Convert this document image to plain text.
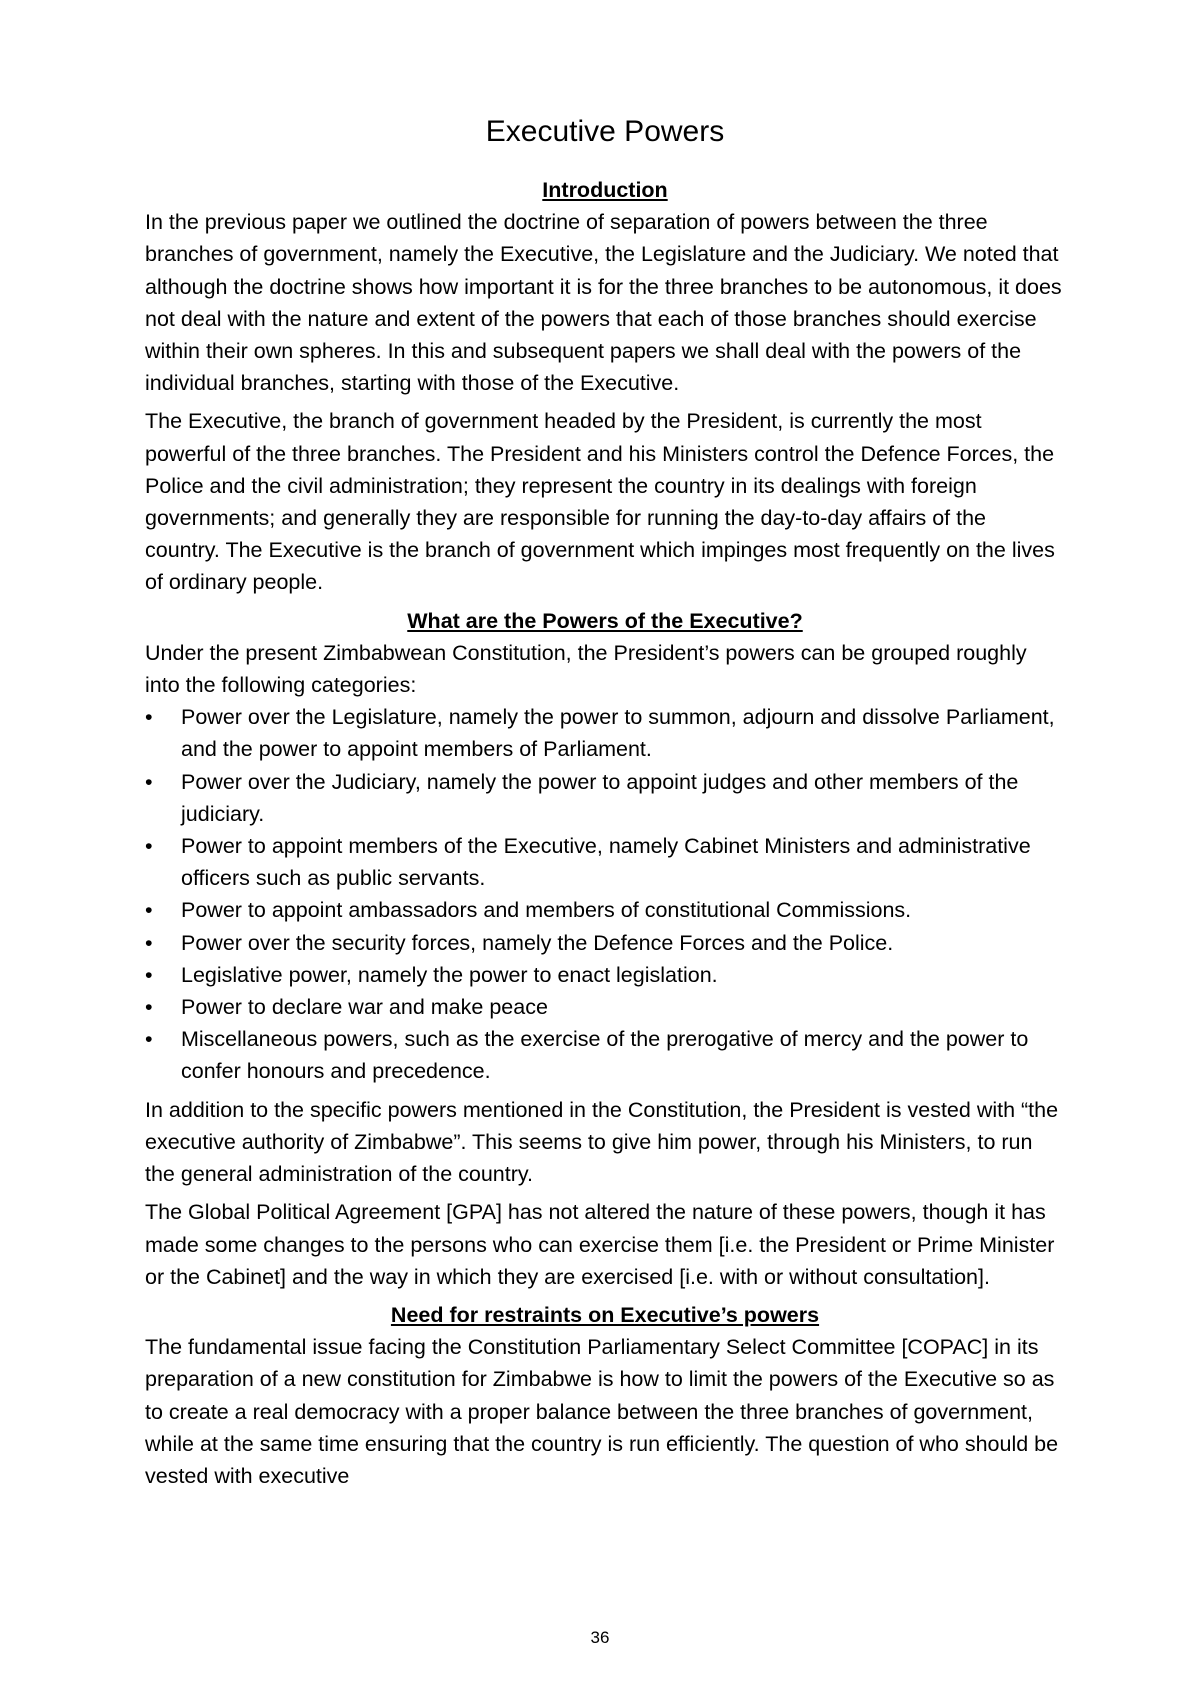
Executive Powers
Introduction

In the previous paper we outlined the doctrine of separation of powers between the three branches of government, namely the Executive, the Legislature and the Judiciary. We noted that although the doctrine shows how important it is for the three branches to be autonomous, it does not deal with the nature and extent of the powers that each of those branches should exercise within their own spheres. In this and subsequent papers we shall deal with the powers of the individual branches, starting with those of the Executive.

The Executive, the branch of government headed by the President, is currently the most powerful of the three branches. The President and his Ministers control the Defence Forces, the Police and the civil administration; they represent the country in its dealings with foreign governments; and generally they are responsible for running the day-to-day affairs of the country. The Executive is the branch of government which impinges most frequently on the lives of ordinary people.

What are the Powers of the Executive?

Under the present Zimbabwean Constitution, the President’s powers can be grouped roughly into the following categories:

• Power over the Legislature, namely the power to summon, adjourn and dissolve Parliament, and the power to appoint members of Parliament.
• Power over the Judiciary, namely the power to appoint judges and other members of the judiciary.
• Power to appoint members of the Executive, namely Cabinet Ministers and administrative officers such as public servants.
• Power to appoint ambassadors and members of constitutional Commissions.
• Power over the security forces, namely the Defence Forces and the Police.
• Legislative power, namely the power to enact legislation.
• Power to declare war and make peace
• Miscellaneous powers, such as the exercise of the prerogative of mercy and the power to confer honours and precedence.

In addition to the specific powers mentioned in the Constitution, the President is vested with “the executive authority of Zimbabwe”. This seems to give him power, through his Ministers, to run the general administration of the country.

The Global Political Agreement [GPA] has not altered the nature of these powers, though it has made some changes to the persons who can exercise them [i.e. the President or Prime Minister or the Cabinet] and the way in which they are exercised [i.e. with or without consultation].

Need for restraints on Executive’s powers

The fundamental issue facing the Constitution Parliamentary Select Committee [COPAC] in its preparation of a new constitution for Zimbabwe is how to limit the powers of the Executive so as to create a real democracy with a proper balance between the three branches of government, while at the same time ensuring that the country is run efficiently. The question of who should be vested with executive

36
